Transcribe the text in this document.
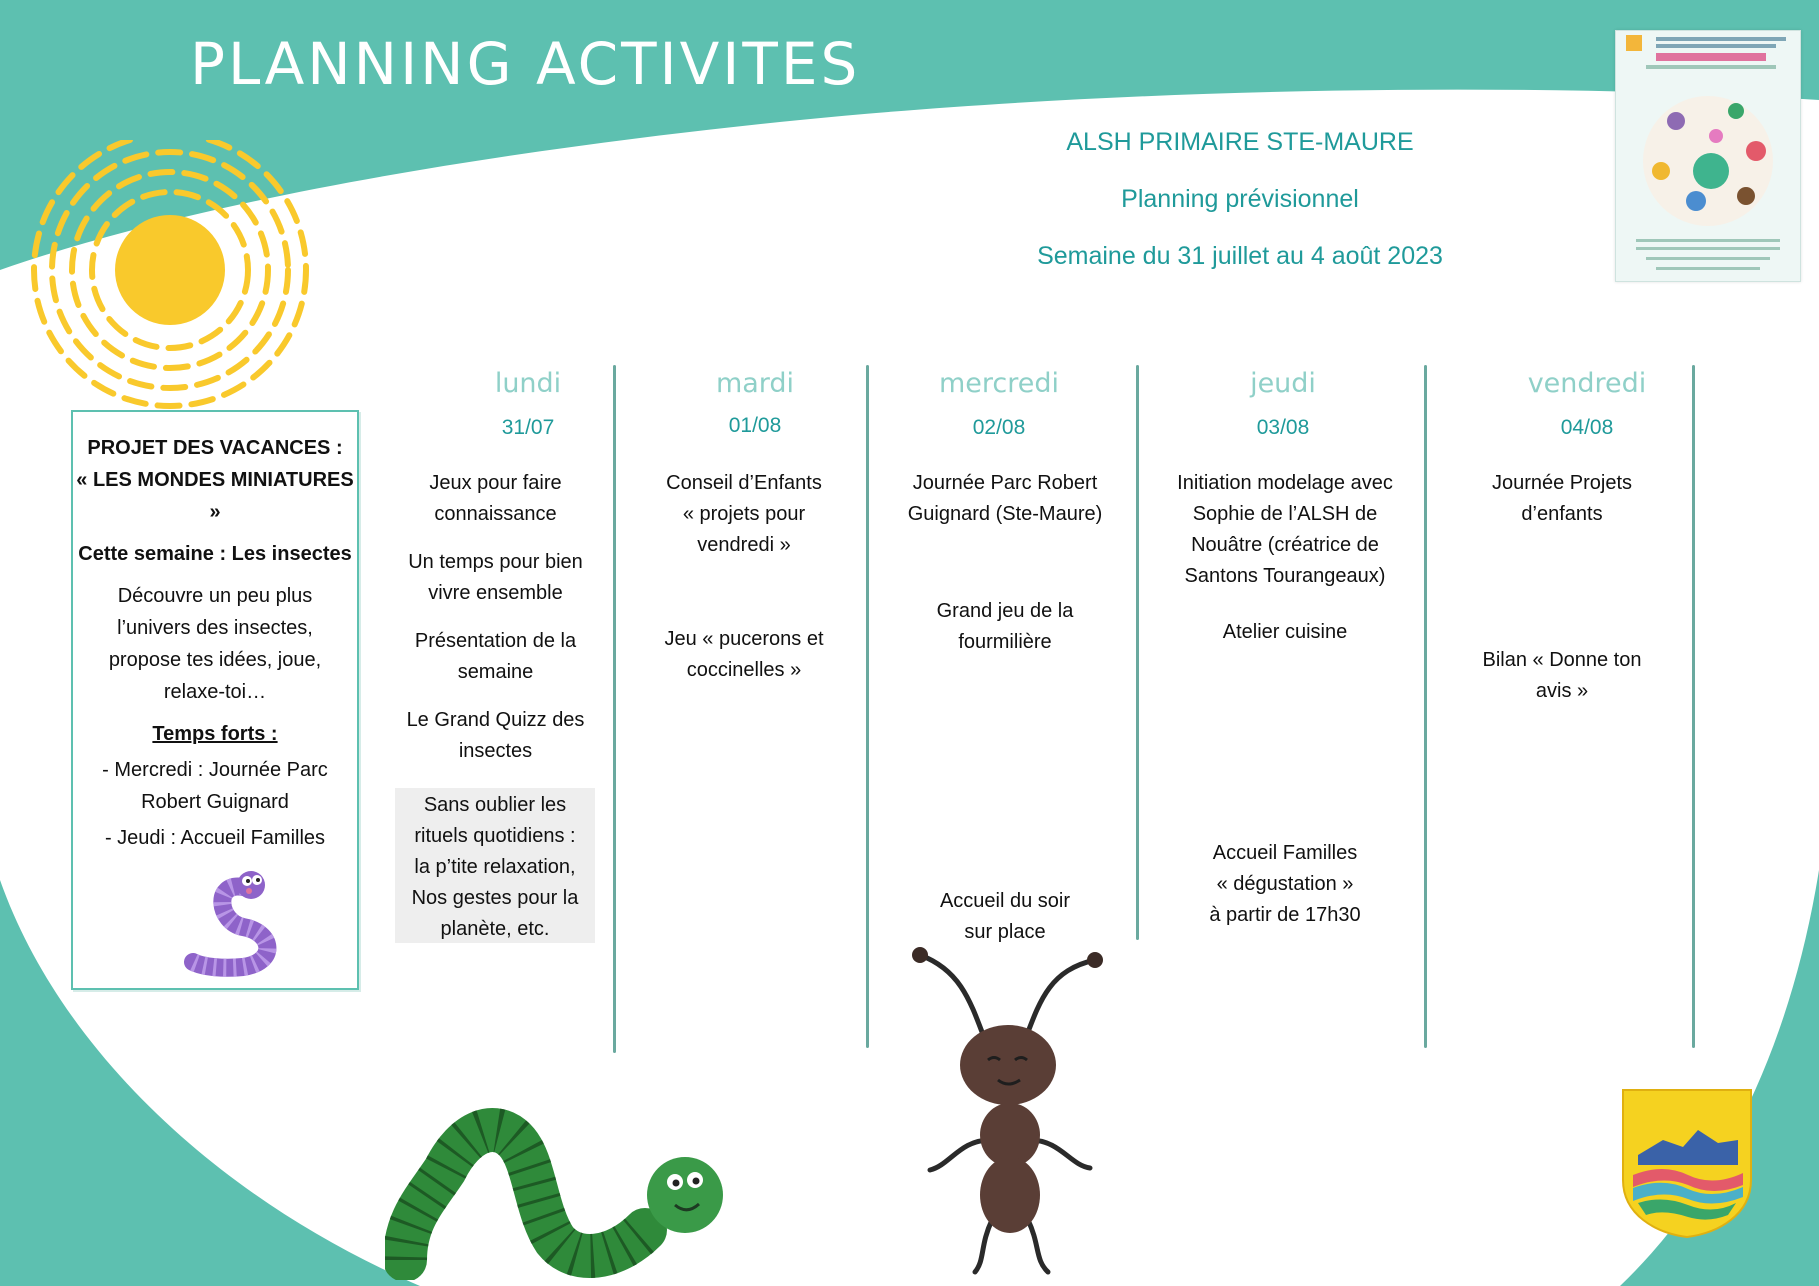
PLANNING ACTIVITES
ALSH PRIMAIRE STE-MAURE
Planning prévisionnel
Semaine du 31 juillet au 4 août 2023
PROJET DES VACANCES :
« LES MONDES MINIATURES »
Cette semaine : Les insectes
Découvre un peu plus
l’univers des insectes,
propose tes idées, joue,
relaxe-toi…
Temps forts :
- Mercredi : Journée Parc
Robert Guignard
- Jeudi : Accueil Familles
lundi
31/07
mardi
01/08
mercredi
02/08
jeudi
03/08
vendredi
04/08
Jeux pour faire
connaissance
Un temps pour bien
vivre ensemble
Présentation de la
semaine
Le Grand Quizz des
insectes
Sans oublier les
rituels quotidiens :
la p’tite relaxation,
Nos gestes pour la
planète, etc.
Conseil d’Enfants
« projets pour
vendredi »
Jeu « pucerons et
coccinelles »
Journée Parc Robert
Guignard (Ste-Maure)
Grand jeu de la
fourmilière
Accueil du soir
sur place
Initiation modelage avec
Sophie de l’ALSH de
Nouâtre (créatrice de
Santons Tourangeaux)
Atelier cuisine
Accueil Familles
« dégustation »
à partir de 17h30
Journée Projets
d’enfants
Bilan « Donne ton
avis »
